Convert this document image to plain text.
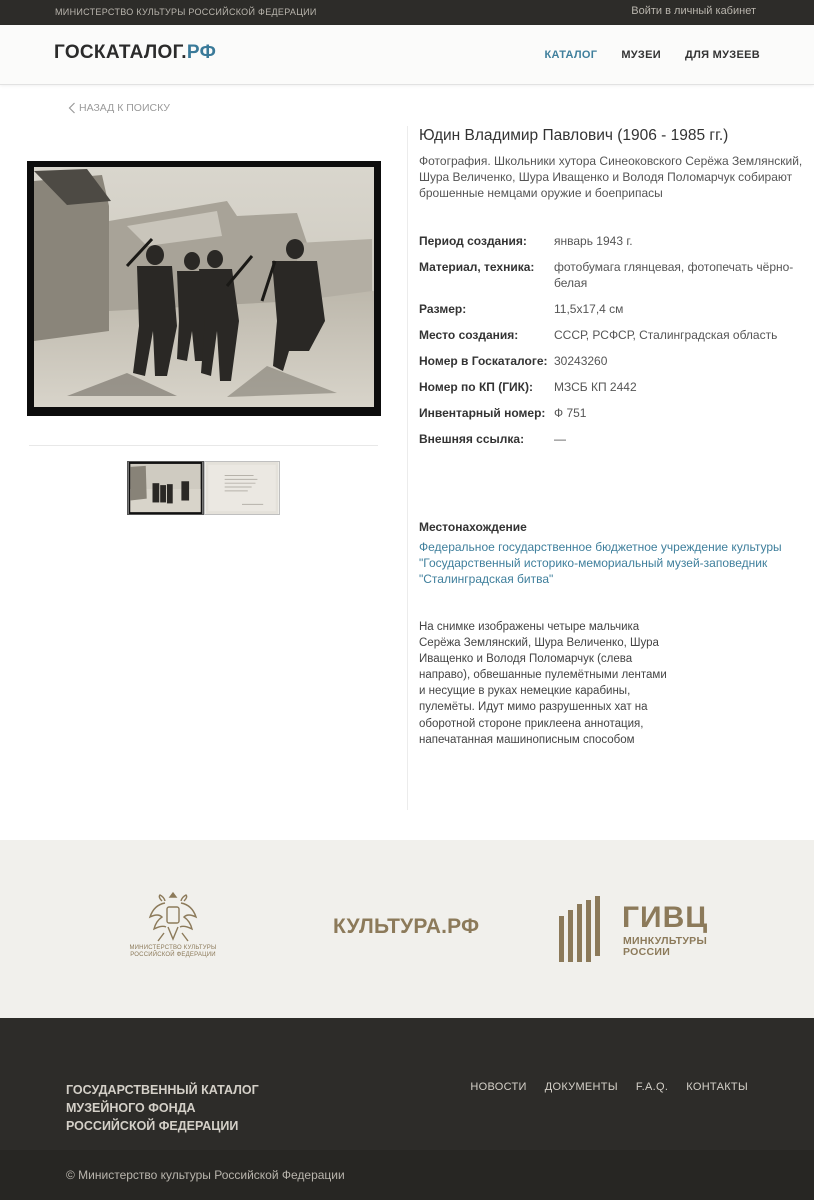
МИНИСТЕРСТВО КУЛЬТУРЫ РОССИЙСКОЙ ФЕДЕРАЦИИ	Войти в личный кабинет
ГОСКАТАЛОГ.РФ	КАТАЛОГ МУЗЕИ ДЛЯ МУЗЕЕВ
НАЗАД К ПОИСКУ
Юдин Владимир Павлович (1906 - 1985 гг.)
Фотография. Школьники хутора Синеоковского Серёжа Землянский, Шура Величенко, Шура Иващенко и Володя Поломарчук собирают брошенные немцами оружие и боеприпасы
Период создания:	январь 1943 г.
Материал, техника:	фотобумага глянцевая, фотопечать чёрно-белая
Размер:	11,5х17,4 см
Место создания:	СССР, РСФСР, Сталинградская область
Номер в Госкаталоге: 30243260
Номер по КП (ГИК):	МЗСБ КП 2442
Инвентарный номер: Ф 751
Внешняя ссылка:	—
Местонахождение
Федеральное государственное бюджетное учреждение культуры "Государственный историко-мемориальный музей-заповедник "Сталинградская битва"
На снимке изображены четыре мальчика Серёжа Землянский, Шура Величенко, Шура Иващенко и Володя Поломарчук (слева направо), обвешанные пулемётными лентами и несущие в руках немецкие карабины, пулемёты. Идут мимо разрушенных хат на оборотной стороне приклеена аннотация, напечатанная машинописным способом
МИНИСТЕРСТВО КУЛЬТУРЫ
РОССИЙСКОЙ ФЕДЕРАЦИИ
КУЛЬТУРА.РФ	ГИВЦ
МИНКУЛЬТУРЫ
РОССИИ
ГОСУДАРСТВЕННЫЙ КАТАЛОГ
МУЗЕЙНОГО ФОНДА
РОССИЙСКОЙ ФЕДЕРАЦИИ
НОВОСТИ ДОКУМЕНТЫ F.A.Q. КОНТАКТЫ
© Министерство культуры Российской Федерации
